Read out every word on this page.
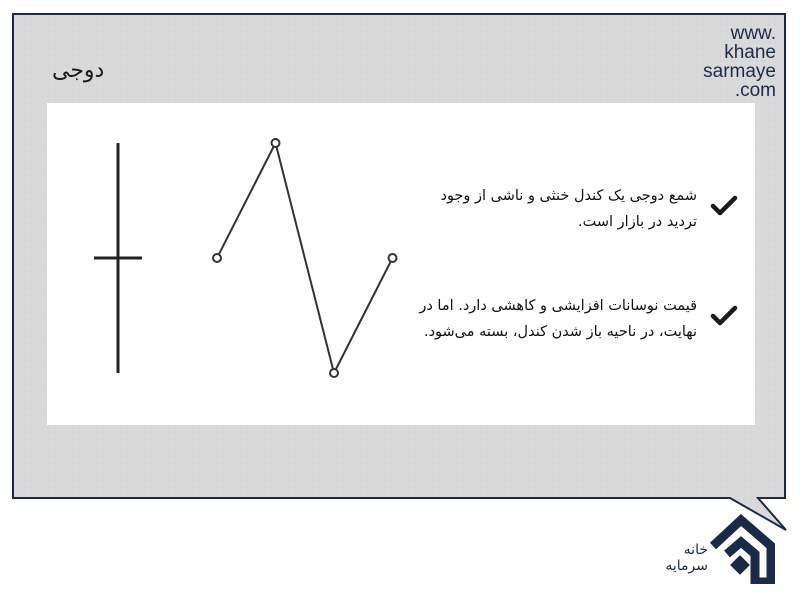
دوجی
www.
khane
sarmaye
.com
شمع دوجی یک کندل خنثی و ناشی از وجود تردید در بازار است.
قیمت نوسانات افزایشی و کاهشی دارد. اما در نهایت، در ناحیه باز شدن کندل، بسته می‌شود.
خانه
سرمایه
